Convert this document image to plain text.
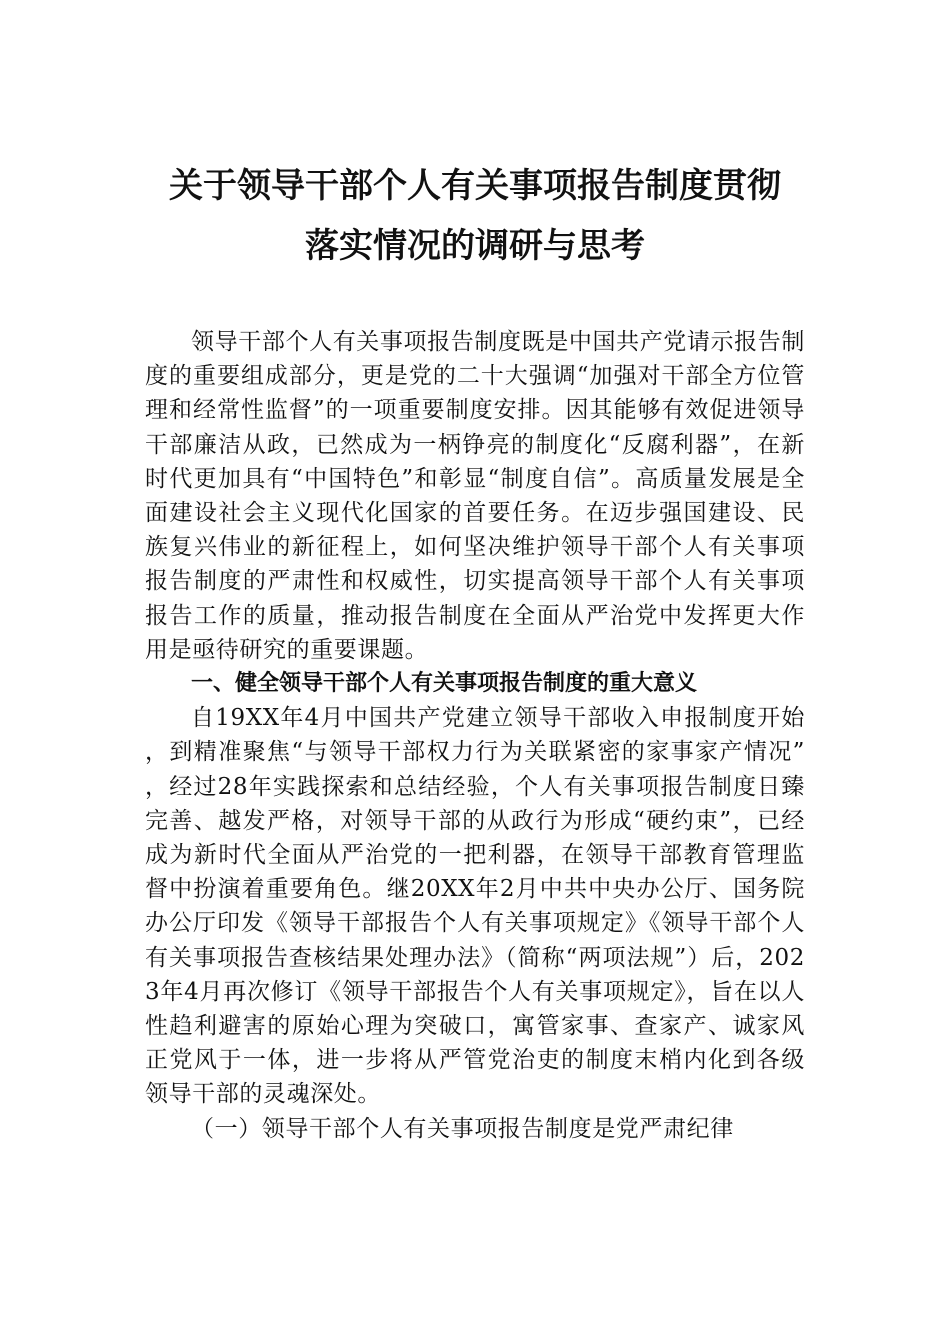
关于领导干部个人有关事项报告制度贯彻
落实情况的调研与思考

领导干部个人有关事项报告制度既是中国共产党请示报告制度的重要组成部分，更是党的二十大强调“加强对干部全方位管理和经常性监督”的一项重要制度安排。因其能够有效促进领导干部廉洁从政，已然成为一柄铮亮的制度化“反腐利器”，在新时代更加具有“中国特色”和彰显“制度自信”。高质量发展是全面建设社会主义现代化国家的首要任务。在迈步强国建设、民族复兴伟业的新征程上，如何坚决维护领导干部个人有关事项报告制度的严肃性和权威性，切实提高领导干部个人有关事项报告工作的质量，推动报告制度在全面从严治党中发挥更大作用是亟待研究的重要课题。

一、健全领导干部个人有关事项报告制度的重大意义

自19XX年4月中国共产党建立领导干部收入申报制度开始，到精准聚焦“与领导干部权力行为关联紧密的家事家产情况”，经过28年实践探索和总结经验，个人有关事项报告制度日臻完善、越发严格，对领导干部的从政行为形成“硬约束”，已经成为新时代全面从严治党的一把利器，在领导干部教育管理监督中扮演着重要角色。继20XX年2月中共中央办公厅、国务院办公厅印发《领导干部报告个人有关事项规定》《领导干部个人有关事项报告查核结果处理办法》（简称“两项法规”）后，2023年4月再次修订《领导干部报告个人有关事项规定》，旨在以人性趋利避害的原始心理为突破口，寓管家事、查家产、诚家风正党风于一体，进一步将从严管党治吏的制度末梢内化到各级领导干部的灵魂深处。

（一）领导干部个人有关事项报告制度是党严肃纪律
